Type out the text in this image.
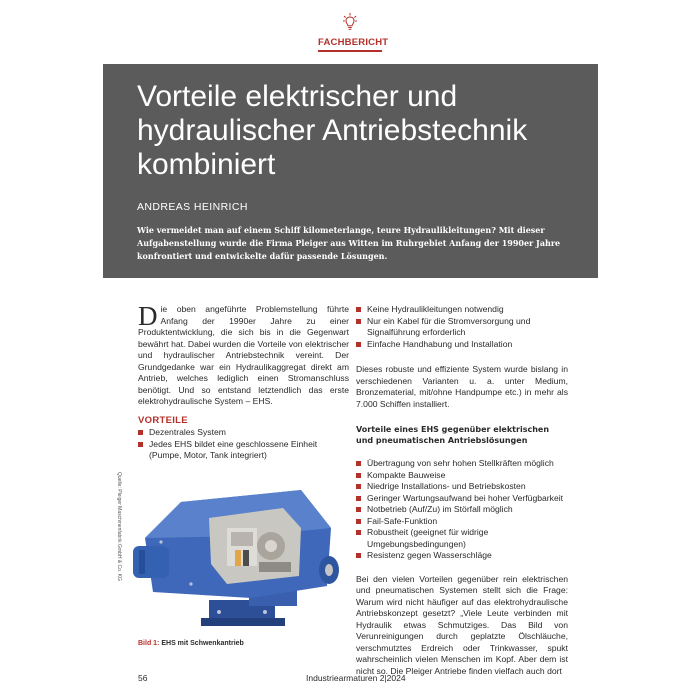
FACHBERICHT
Vorteile elektrischer und hydraulischer Antriebstechnik kombiniert
ANDREAS HEINRICH

Wie vermeidet man auf einem Schiff kilometerlange, teure Hydraulikleitungen? Mit dieser Aufgabenstellung wurde die Firma Pleiger aus Witten im Ruhrgebiet Anfang der 1990er Jahre konfrontiert und entwickelte dafür passende Lösungen.

Die oben angeführte Problemstellung führte Anfang der 1990er Jahre zu einer Produktentwicklung, die sich bis in die Gegenwart bewährt hat. Dabei wurden die Vorteile von elektrischer und hydraulischer Antriebstechnik vereint. Der Grundgedanke war ein Hydraulikaggregat direkt am Antrieb, welches lediglich einen Stromanschluss benötigt. Und so entstand letztendlich das erste elektrohydraulische System – EHS.

VORTEILE
Dezentrales System
Jedes EHS bildet eine geschlossene Einheit (Pumpe, Motor, Tank integriert)
Quelle: Pleiger Maschinenfabrik GmbH & Co. KG
Bild 1: EHS mit Schwenkantrieb
Keine Hydraulikleitungen notwendig
Nur ein Kabel für die Stromversorgung und Signalführung erforderlich
Einfache Handhabung und Installation

Dieses robuste und effiziente System wurde bislang in verschiedenen Varianten u. a. unter Medium, Bronzematerial, mit/ohne Handpumpe etc.) in mehr als 7.000 Schiffen installiert.

Vorteile eines EHS gegenüber elektrischen und pneumatischen Antriebslösungen
Übertragung von sehr hohen Stellkräften möglich
Kompakte Bauweise
Niedrige Installations- und Betriebskosten
Geringer Wartungsaufwand bei hoher Verfügbarkeit
Notbetrieb (Auf/Zu) im Störfall möglich
Fail-Safe-Funktion
Robustheit (geeignet für widrige Umgebungsbedingungen)
Resistenz gegen Wasserschläge

Bei den vielen Vorteilen gegenüber rein elektrischen und pneumatischen Systemen stellt sich die Frage: Warum wird nicht häufiger auf das elektrohydraulische Antriebskonzept gesetzt? „Viele Leute verbinden mit Hydraulik etwas Schmutziges. Das Bild von Verunreinigungen durch geplatzte Ölschläuche, verschmutztes Erdreich oder Trinkwasser, spukt wahrscheinlich vielen Menschen im Kopf. Aber dem ist nicht so. Die Pleiger Antriebe finden vielfach auch dort

56	Industriearmaturen 2|2024
